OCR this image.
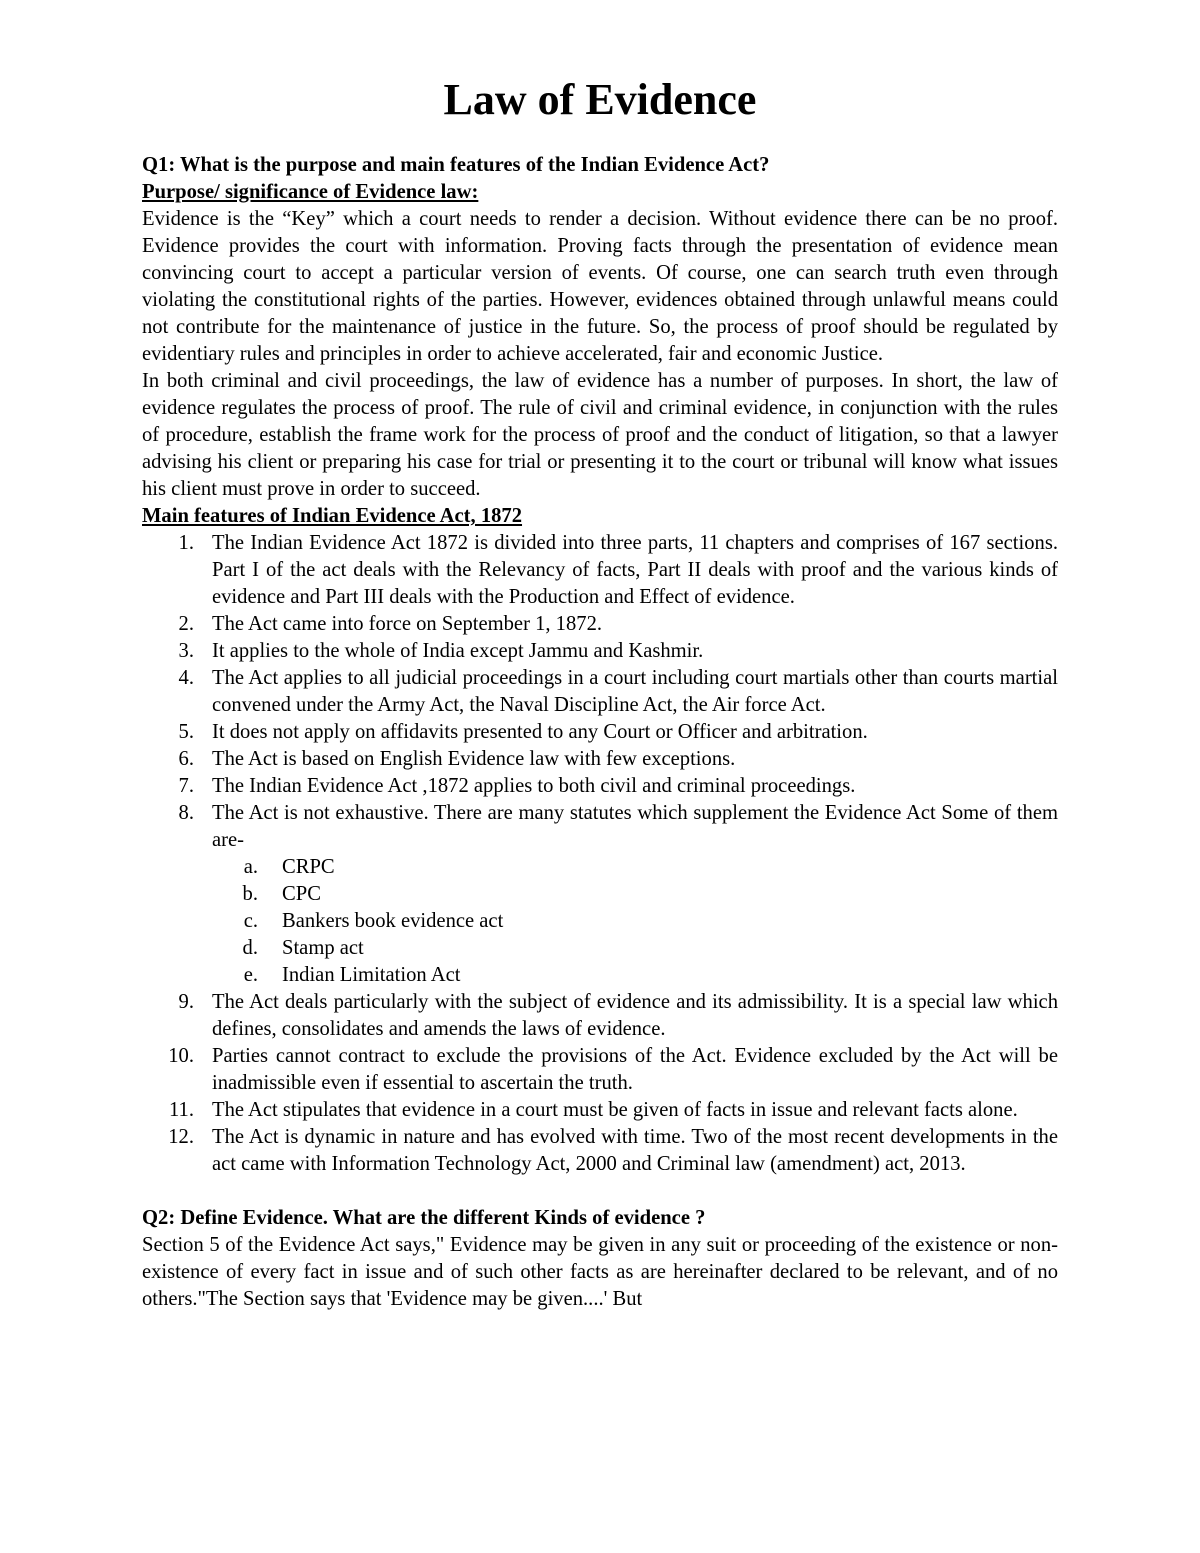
Law of Evidence

Q1: What is the purpose and main features of the Indian Evidence Act?

Purpose/ significance of Evidence law:

Evidence is the “Key” which a court needs to render a decision. Without evidence there can be no proof. Evidence provides the court with information. Proving facts through the presentation of evidence mean convincing court to accept a particular version of events. Of course, one can search truth even through violating the constitutional rights of the parties. However, evidences obtained through unlawful means could not contribute for the maintenance of justice in the future. So, the process of proof should be regulated by evidentiary rules and principles in order to achieve accelerated, fair and economic Justice.

In both criminal and civil proceedings, the law of evidence has a number of purposes. In short, the law of evidence regulates the process of proof. The rule of civil and criminal evidence, in conjunction with the rules of procedure, establish the frame work for the process of proof and the conduct of litigation, so that a lawyer advising his client or preparing his case for trial or presenting it to the court or tribunal will know what issues his client must prove in order to succeed.

Main features of Indian Evidence Act, 1872

1. The Indian Evidence Act 1872 is divided into three parts, 11 chapters and comprises of 167 sections. Part I of the act deals with the Relevancy of facts, Part II deals with proof and the various kinds of evidence and Part III deals with the Production and Effect of evidence.
2. The Act came into force on September 1, 1872.
3. It applies to the whole of India except Jammu and Kashmir.
4. The Act applies to all judicial proceedings in a court including court martials other than courts martial convened under the Army Act, the Naval Discipline Act, the Air force Act.
5. It does not apply on affidavits presented to any Court or Officer and arbitration.
6. The Act is based on English Evidence law with few exceptions.
7. The Indian Evidence Act ,1872 applies to both civil and criminal proceedings.
8. The Act is not exhaustive. There are many statutes which supplement the Evidence Act Some of them are-
a. CRPC
b. CPC
c. Bankers book evidence act
d. Stamp act
e. Indian Limitation Act
9. The Act deals particularly with the subject of evidence and its admissibility. It is a special law which defines, consolidates and amends the laws of evidence.
10. Parties cannot contract to exclude the provisions of the Act. Evidence excluded by the Act will be inadmissible even if essential to ascertain the truth.
11. The Act stipulates that evidence in a court must be given of facts in issue and relevant facts alone.
12. The Act is dynamic in nature and has evolved with time. Two of the most recent developments in the act came with Information Technology Act, 2000 and Criminal law (amendment) act, 2013.

Q2: Define Evidence. What are the different Kinds of evidence ?

Section 5 of the Evidence Act says," Evidence may be given in any suit or proceeding of the existence or non-existence of every fact in issue and of such other facts as are hereinafter declared to be relevant, and of no others."The Section says that 'Evidence may be given....' But
